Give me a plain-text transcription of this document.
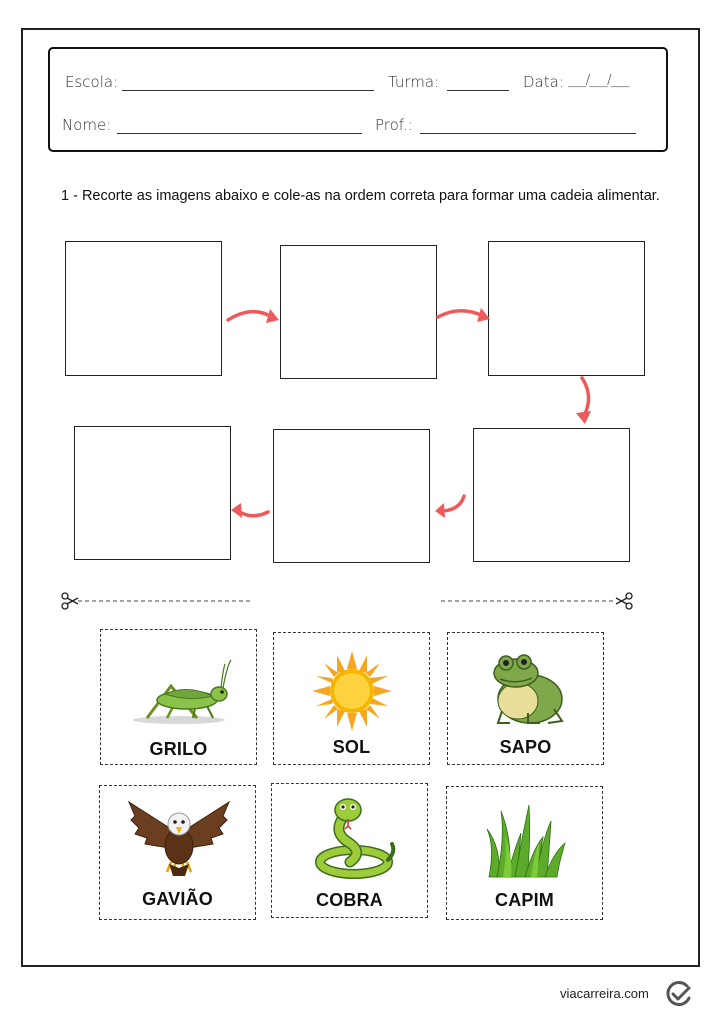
Escola:	Turma:	Data: ___/___/___
Nome:	Prof.:
1 - Recorte as imagens abaixo e cole-as na ordem correta para formar uma cadeia alimentar.
GRILO	SOL	SAPO
GAVIÃO	COBRA	CAPIM
viacarreira.com
